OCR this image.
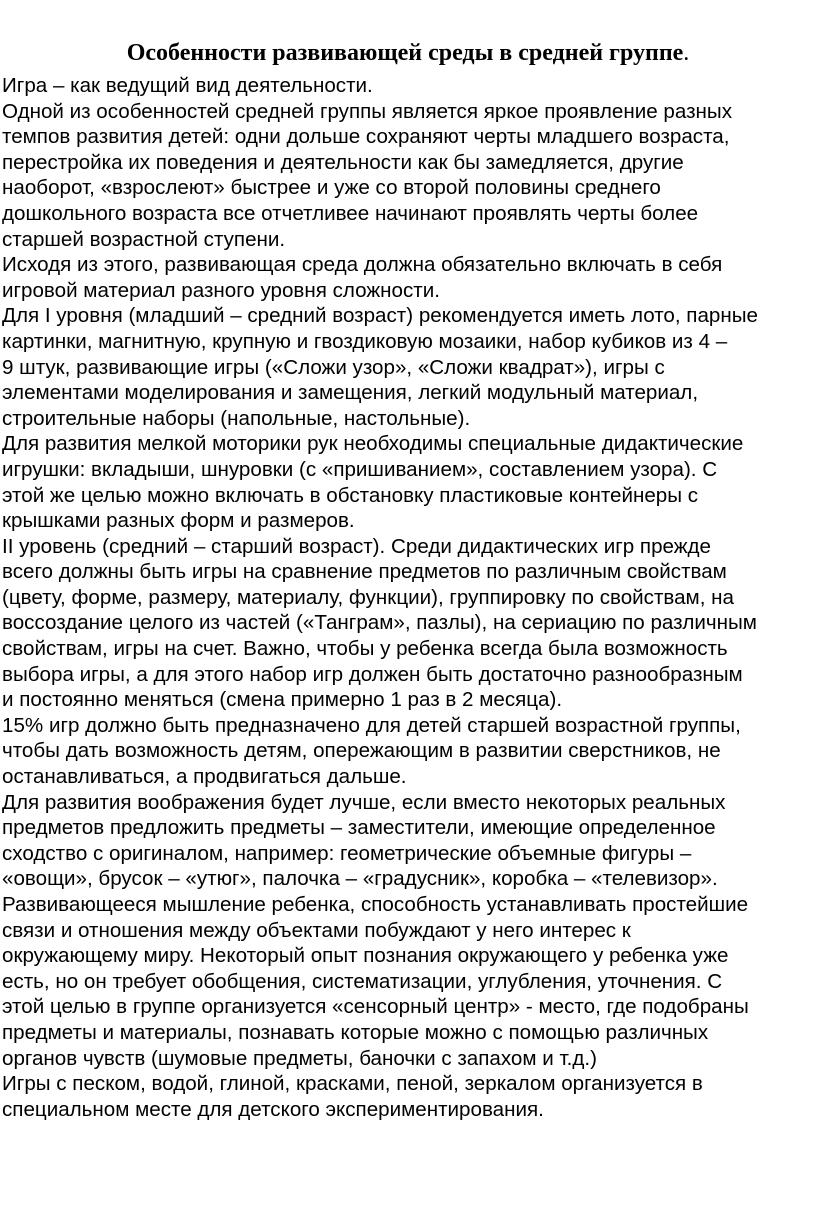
Особенности развивающей среды в средней группе.
Игра – как ведущий вид деятельности.
Одной из особенностей средней группы является яркое проявление разных
темпов развития детей: одни дольше сохраняют черты младшего возраста,
перестройка их поведения и деятельности как бы замедляется, другие
наоборот, «взрослеют» быстрее и уже со второй половины среднего
дошкольного возраста все отчетливее начинают проявлять черты более
старшей возрастной ступени.
Исходя из этого, развивающая среда должна обязательно включать в себя
игровой материал разного уровня сложности.
Для I уровня (младший – средний возраст) рекомендуется иметь лото, парные
картинки, магнитную, крупную и гвоздиковую мозаики, набор кубиков из 4 –
9 штук, развивающие игры («Сложи узор», «Сложи квадрат»), игры с
элементами моделирования и замещения, легкий модульный материал,
строительные наборы (напольные, настольные).
Для развития мелкой моторики рук необходимы специальные дидактические
игрушки: вкладыши, шнуровки (с «пришиванием», составлением узора). С
этой же целью можно включать в обстановку пластиковые контейнеры с
крышками разных форм и размеров.
II уровень (средний – старший возраст). Среди дидактических игр прежде
всего должны быть игры на сравнение предметов по различным свойствам
(цвету, форме, размеру, материалу, функции), группировку по свойствам, на
воссоздание целого из частей («Танграм», пазлы), на сериацию по различным
свойствам, игры на счет. Важно, чтобы у ребенка всегда была возможность
выбора игры, а для этого набор игр должен быть достаточно разнообразным
и постоянно меняться (смена примерно 1 раз в 2 месяца).
15% игр должно быть предназначено для детей старшей возрастной группы,
чтобы дать возможность детям, опережающим в развитии сверстников, не
останавливаться, а продвигаться дальше.
Для развития воображения будет лучше, если вместо некоторых реальных
предметов предложить предметы – заместители, имеющие определенное
сходство с оригиналом, например: геометрические объемные фигуры –
«овощи», брусок – «утюг», палочка – «градусник», коробка – «телевизор».
Развивающееся мышление ребенка, способность устанавливать простейшие
связи и отношения между объектами побуждают у него интерес к
окружающему миру. Некоторый опыт познания окружающего у ребенка уже
есть, но он требует обобщения, систематизации, углубления, уточнения. С
этой целью в группе организуется «сенсорный центр» - место, где подобраны
предметы и материалы, познавать которые можно с помощью различных
органов чувств (шумовые предметы, баночки с запахом и т.д.)
Игры с песком, водой, глиной, красками, пеной, зеркалом организуется в
специальном месте для детского экспериментирования.
